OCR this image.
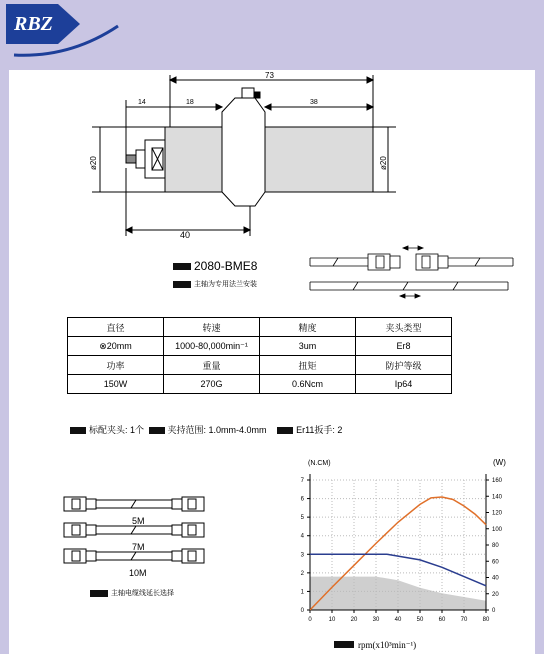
RBZ
73
14	18	38
ø20	ø20
40
2080-BME8
主轴为专用法兰安装
直径	转速	精度	夹头类型
⊗20mm	1000-80,000min⁻¹	3um	Er8
功率	重量	扭矩	防护等级
150W	270G	0.6Ncm	Ip64
标配夹头: 1个	夹持范围: 1.0mm-4.0mm	Er11扳手: 2
5M
7M
10M
主轴电缆线延长选择
(N.CM)	(W)
0	10	20	30	40	50	60	70	80
0
1
2
3
4
5
6
7
0
20
40
60
80
100
120
140
160
rpm(x10³min⁻¹)
